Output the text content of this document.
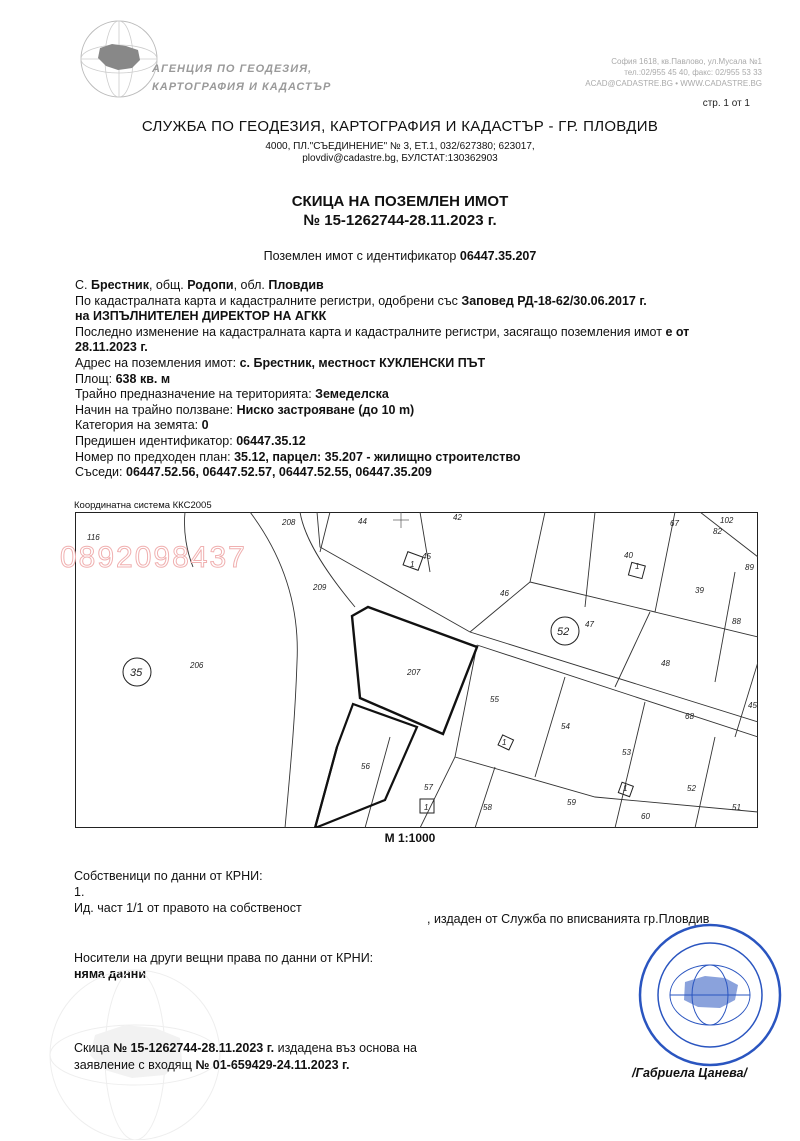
АГЕНЦИЯ ПО ГЕОДЕЗИЯ,
КАРТОГРАФИЯ И КАДАСТЪР
София 1618, кв.Павлово, ул.Мусала №1
тел.:02/955 45 40, факс: 02/955 53 33
ACAD@CADASTRE.BG • WWW.CADASTRE.BG
стр. 1 от 1
СЛУЖБА ПО ГЕОДЕЗИЯ, КАРТОГРАФИЯ И КАДАСТЪР - ГР. ПЛОВДИВ
4000, ПЛ."СЪЕДИНЕНИЕ" № 3, ЕТ.1, 032/627380; 623017,
plovdiv@cadastre.bg, БУЛСТАТ:130362903
СКИЦА НА ПОЗЕМЛЕН ИМОТ
№ 15-1262744-28.11.2023 г.
Поземлен имот с идентификатор 06447.35.207
С. Брестник, общ. Родопи, обл. Пловдив
По кадастралната карта и кадастралните регистри, одобрени със Заповед РД-18-62/30.06.2017 г.
на ИЗПЪЛНИТЕЛЕН ДИРЕКТОР НА АГКК
Последно изменение на кадастралната карта и кадастралните регистри, засягащо поземления имот е от
28.11.2023 г.
Адрес на поземления имот: с. Брестник, местност КУКЛЕНСКИ ПЪТ
Площ: 638 кв. м
Трайно предназначение на територията: Земеделска
Начин на трайно ползване: Ниско застрояване (до 10 m)
Категория на земята: 0
Предишен идентификатор: 06447.35.12
Номер по предходен план: 35.12, парцел: 35.207 - жилищно строителство
Съседи: 06447.52.56, 06447.52.57, 06447.52.55, 06447.35.209
Координатна система ККС2005
35
52
116
208	44	42
67	102
82
45
1
40
1
209
46	39
89
47	88
206
207
48
55
45
68
54
56
1
53
57	1	52
58
59
1
60
51
0892098437
М 1:1000
Собственици по данни от КРНИ:
1.
Ид. част 1/1 от правото на собственост
, издаден от Служба по вписванията гр.Пловдив
Носители на други вещни права по данни от КРНИ:
няма данни
Скица № 15-1262744-28.11.2023 г. издадена въз основа на
заявление с входящ № 01-659429-24.11.2023 г.
/Габриела Цанева/
